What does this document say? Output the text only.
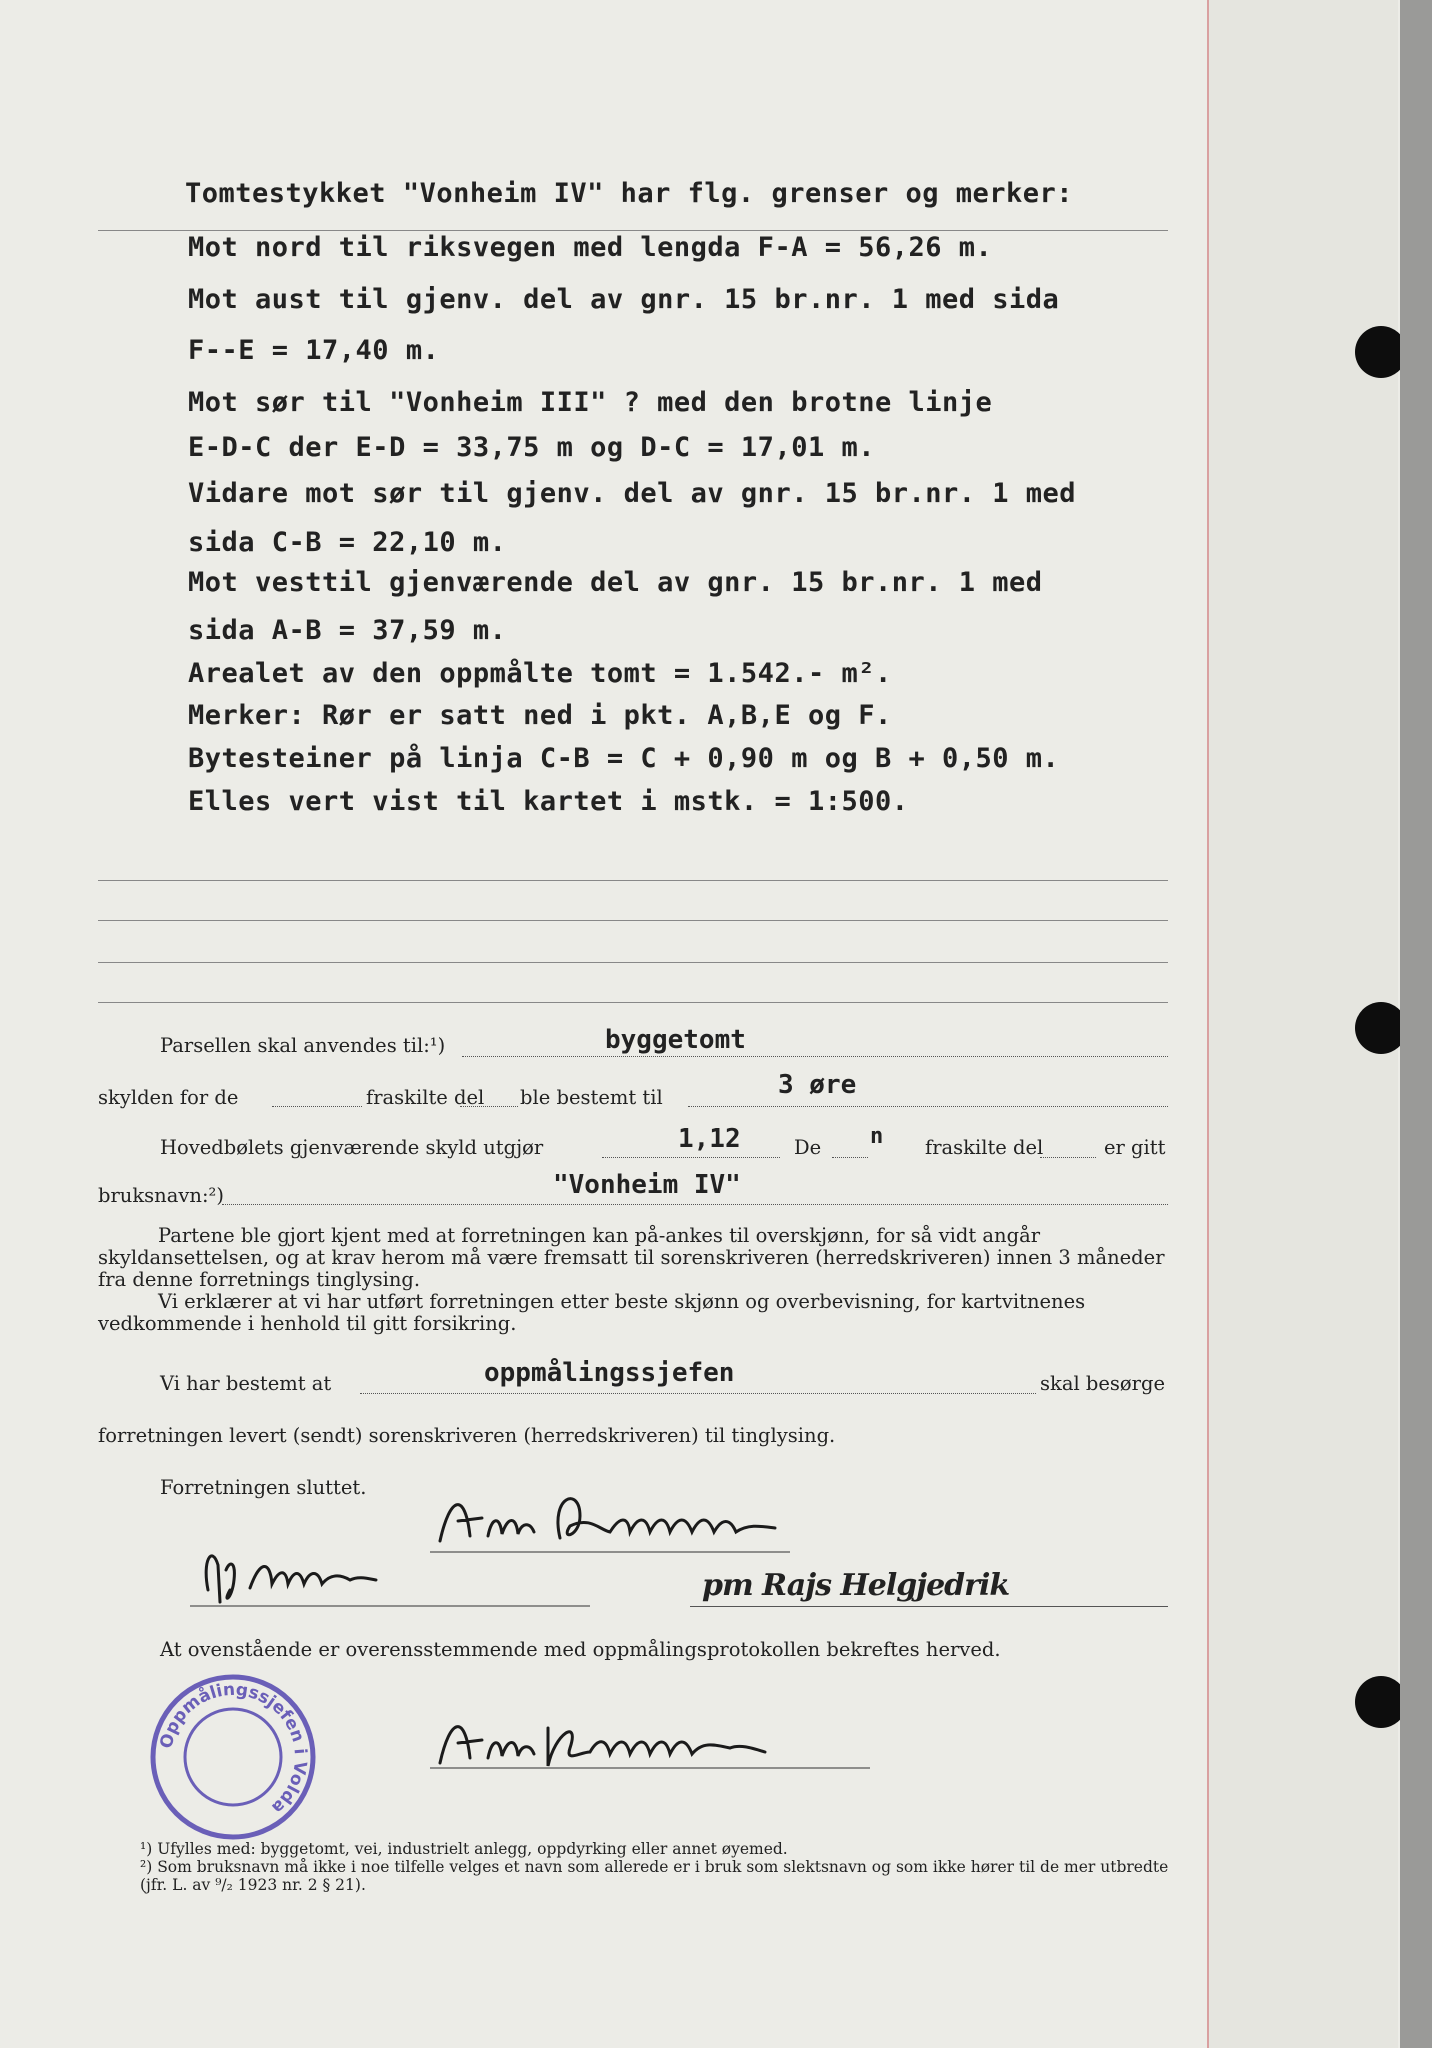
Tomtestykket "Vonheim IV" har flg. grenser og merker:
Mot nord til riksvegen med lengda F-A = 56,26 m.
Mot aust til gjenv. del av gnr. 15 br.nr. 1 med sida
F--E = 17,40 m.
Mot sør til "Vonheim III" ? med den brotne linje
E-D-C der E-D = 33,75 m og D-C = 17,01 m.
Vidare mot sør til gjenv. del av gnr. 15 br.nr. 1 med
sida C-B = 22,10 m.
Mot vesttil gjenværende del av gnr. 15 br.nr. 1 med
sida A-B = 37,59 m.
Arealet av den oppmålte tomt = 1.542.- m².
Merker: Rør er satt ned i pkt. A,B,E og F.
Bytesteiner på linja C-B = C + 0,90 m og B + 0,50 m.
Elles vert vist til kartet i mstk. = 1:500.
Parsellen skal anvendes til:¹)	byggetomt
skylden for de	fraskilte del ble bestemt til	3 øre
Hovedbølets gjenværende skyld utgjør	1,12	De n fraskilte del	er gitt
bruksnavn:²)	"Vonheim IV"

Partene ble gjort kjent med at forretningen kan på-ankes til overskjønn, for så vidt angår skyldansettelsen, og at krav herom må være fremsatt til sorenskriveren (herredskriveren) innen 3 måneder fra denne forretnings tinglysing.

Vi erklærer at vi har utført forretningen etter beste skjønn og overbevisning, for kartvitnenes vedkommende i henhold til gitt forsikring.

Vi har bestemt at	oppmålingssjefen	skal besørge
forretningen levert (sendt) sorenskriveren (herredskriveren) til tinglysing.
Forretningen sluttet.
pm Rajs Helgjedrik
At ovenstående er overensstemmende med oppmålingsprotokollen bekreftes herved.
Oppmålingssjefen i Volda

¹) Ufylles med: byggetomt, vei, industrielt anlegg, oppdyrking eller annet øyemed.

²) Som bruksnavn må ikke i noe tilfelle velges et navn som allerede er i bruk som slektsnavn og som ikke hører til de mer utbredte (jfr. L. av ⁹/₂ 1923 nr. 2 § 21).
